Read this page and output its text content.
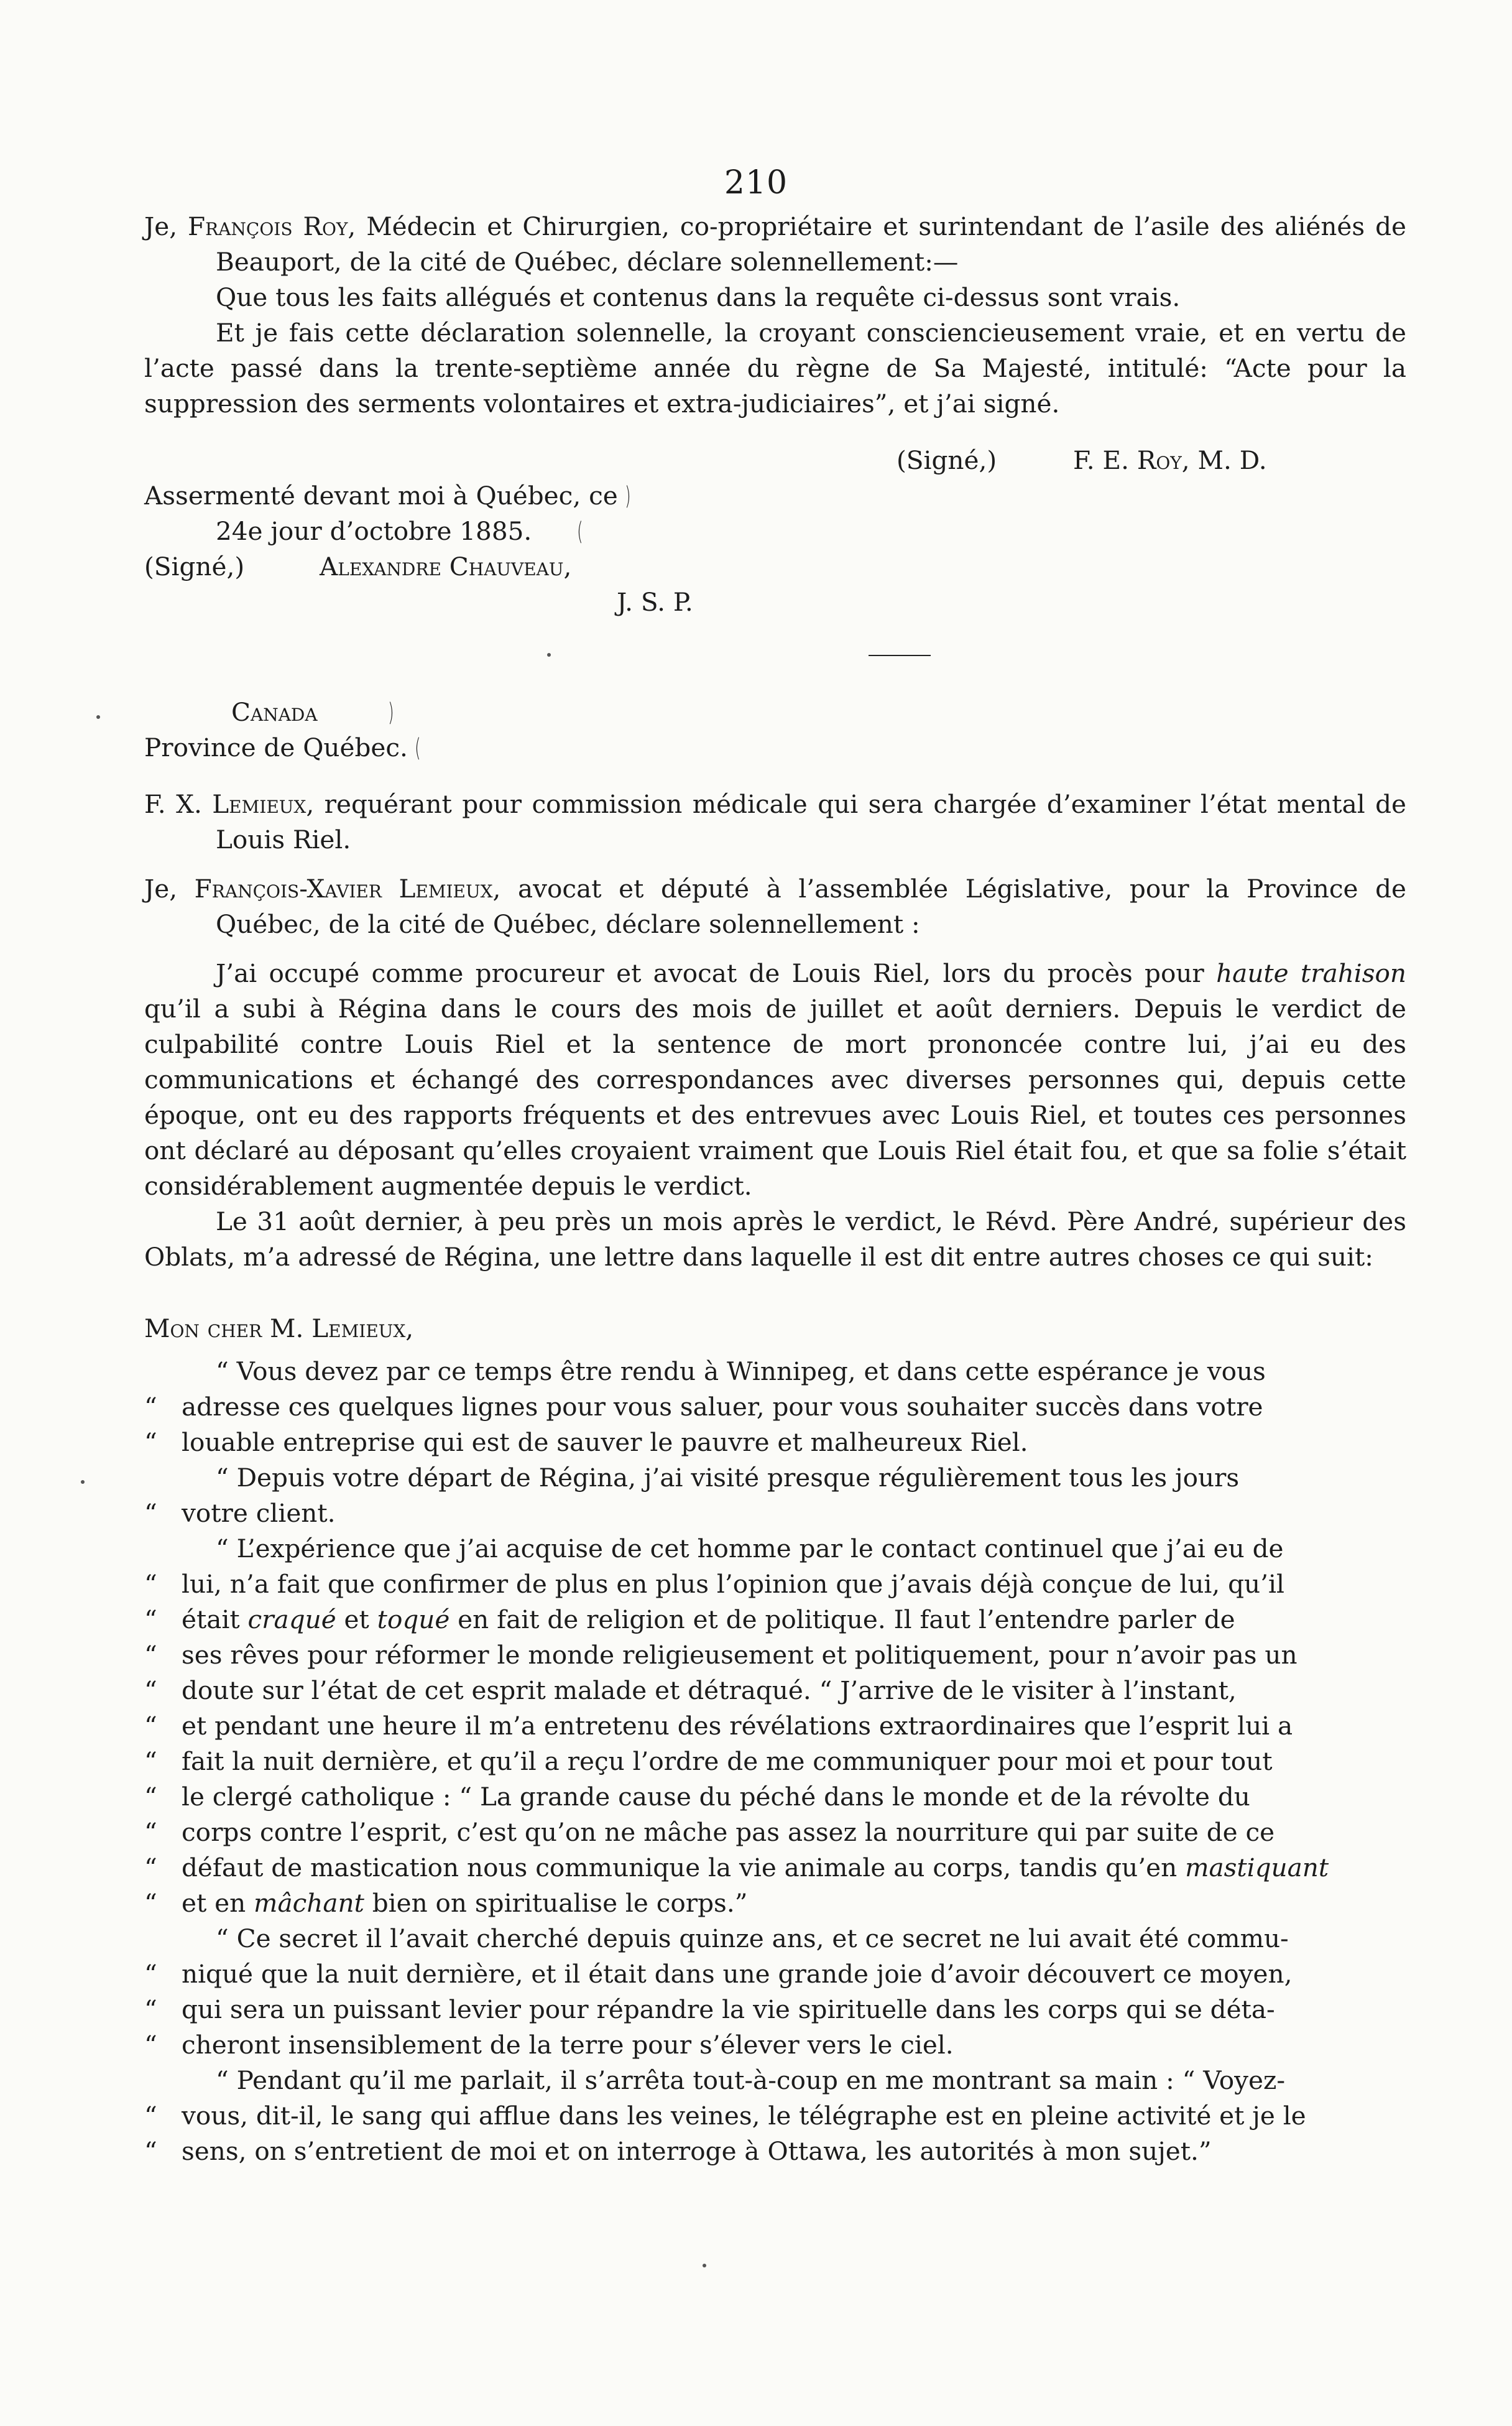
210
Je, François Roy, Médecin et Chirurgien, co-propriétaire et surintendant de l’asile des aliénés de Beauport, de la cité de Québec, déclare solennellement:—
Que tous les faits allégués et contenus dans la requête ci-dessus sont vrais.
Et je fais cette déclaration solennelle, la croyant consciencieusement vraie, et en vertu de l’acte passé dans la trente-septième année du règne de Sa Majesté, intitulé: “Acte pour la suppression des serments volontaires et extra-judiciaires”, et j’ai signé.
(Signé,)	F. E. Roy, M. D.
Assermenté devant moi à Québec, ce )
24e jour d’octobre 1885. (
(Signé,)	Alexandre Chauveau,
J. S. P.
Canada	)
Province de Québec. (
F. X. Lemieux, requérant pour commission médicale qui sera chargée d’examiner l’état mental de Louis Riel.
Je, François-Xavier Lemieux, avocat et député à l’assemblée Législative, pour la Province de Québec, de la cité de Québec, déclare solennellement :
J’ai occupé comme procureur et avocat de Louis Riel, lors du procès pour haute trahison qu’il a subi à Régina dans le cours des mois de juillet et août derniers. Depuis le verdict de culpabilité contre Louis Riel et la sentence de mort prononcée contre lui, j’ai eu des communications et échangé des correspondances avec diverses personnes qui, depuis cette époque, ont eu des rapports fréquents et des entrevues avec Louis Riel, et toutes ces personnes ont déclaré au déposant qu’elles croyaient vraiment que Louis Riel était fou, et que sa folie s’était considérablement augmentée depuis le verdict.
Le 31 août dernier, à peu près un mois après le verdict, le Révd. Père André, supérieur des Oblats, m’a adressé de Régina, une lettre dans laquelle il est dit entre autres choses ce qui suit:
Mon cher M. Lemieux,
“ Vous devez par ce temps être rendu à Winnipeg, et dans cette espérance je vous
“ adresse ces quelques lignes pour vous saluer, pour vous souhaiter succès dans votre
“ louable entreprise qui est de sauver le pauvre et malheureux Riel.
“ Depuis votre départ de Régina, j’ai visité presque régulièrement tous les jours
“ votre client.
“ L’expérience que j’ai acquise de cet homme par le contact continuel que j’ai eu de
“ lui, n’a fait que confirmer de plus en plus l’opinion que j’avais déjà conçue de lui, qu’il
“ était craqué et toqué en fait de religion et de politique. Il faut l’entendre parler de
“ ses rêves pour réformer le monde religieusement et politiquement, pour n’avoir pas un
“ doute sur l’état de cet esprit malade et détraqué. “ J’arrive de le visiter à l’instant,
“ et pendant une heure il m’a entretenu des révélations extraordinaires que l’esprit lui a
“ fait la nuit dernière, et qu’il a reçu l’ordre de me communiquer pour moi et pour tout
“ le clergé catholique : “ La grande cause du péché dans le monde et de la révolte du
“ corps contre l’esprit, c’est qu’on ne mâche pas assez la nourriture qui par suite de ce
“ défaut de mastication nous communique la vie animale au corps, tandis qu’en mastiquant
“ et en mâchant bien on spiritualise le corps.”
“ Ce secret il l’avait cherché depuis quinze ans, et ce secret ne lui avait été commu-
“ niqué que la nuit dernière, et il était dans une grande joie d’avoir découvert ce moyen,
“ qui sera un puissant levier pour répandre la vie spirituelle dans les corps qui se déta-
“ cheront insensiblement de la terre pour s’élever vers le ciel.
“ Pendant qu’il me parlait, il s’arrêta tout-à-coup en me montrant sa main : “ Voyez-
“ vous, dit-il, le sang qui afflue dans les veines, le télégraphe est en pleine activité et je le
“ sens, on s’entretient de moi et on interroge à Ottawa, les autorités à mon sujet.”
